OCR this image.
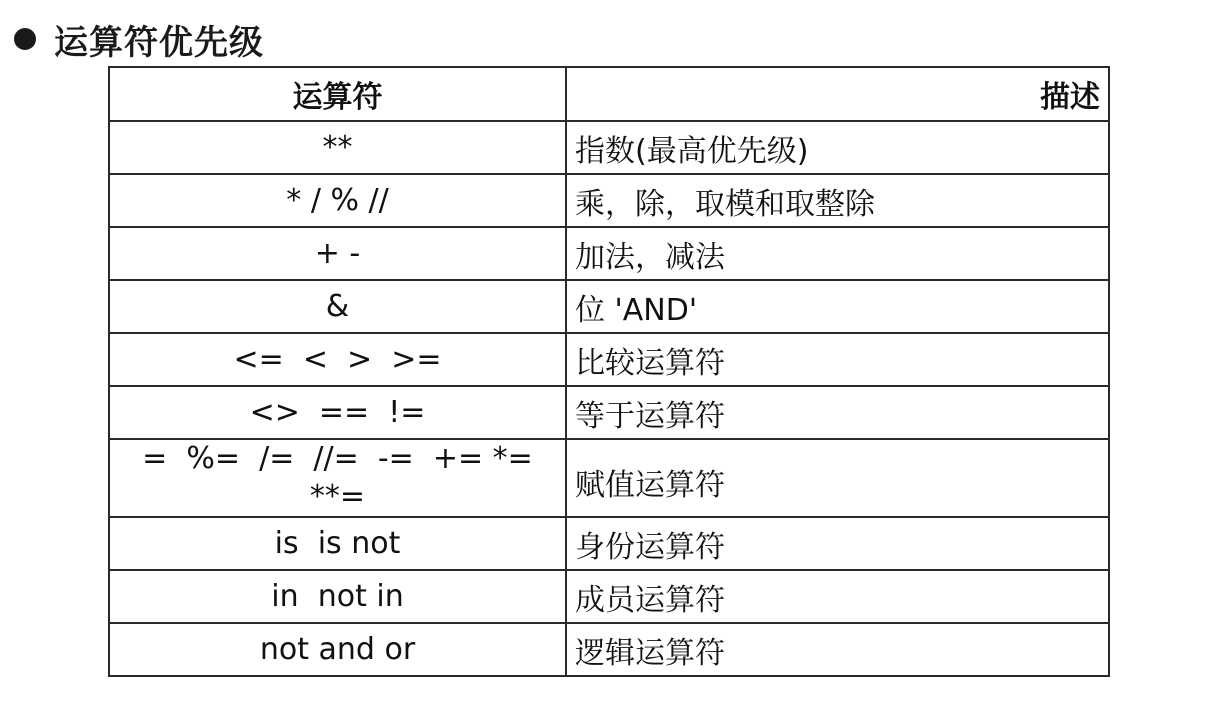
运算符优先级
运算符	描述
**	指数(最高优先级)
* / % //	乘，除，取模和取整除
+ -	加法，减法
&	位 'AND'
<=  <  >  >=	比较运算符
<>  ==  !=	等于运算符
=  %=  /=  //=  -=  += *= **=	赋值运算符
is  is not	身份运算符
in  not in	成员运算符
not and or	逻辑运算符
